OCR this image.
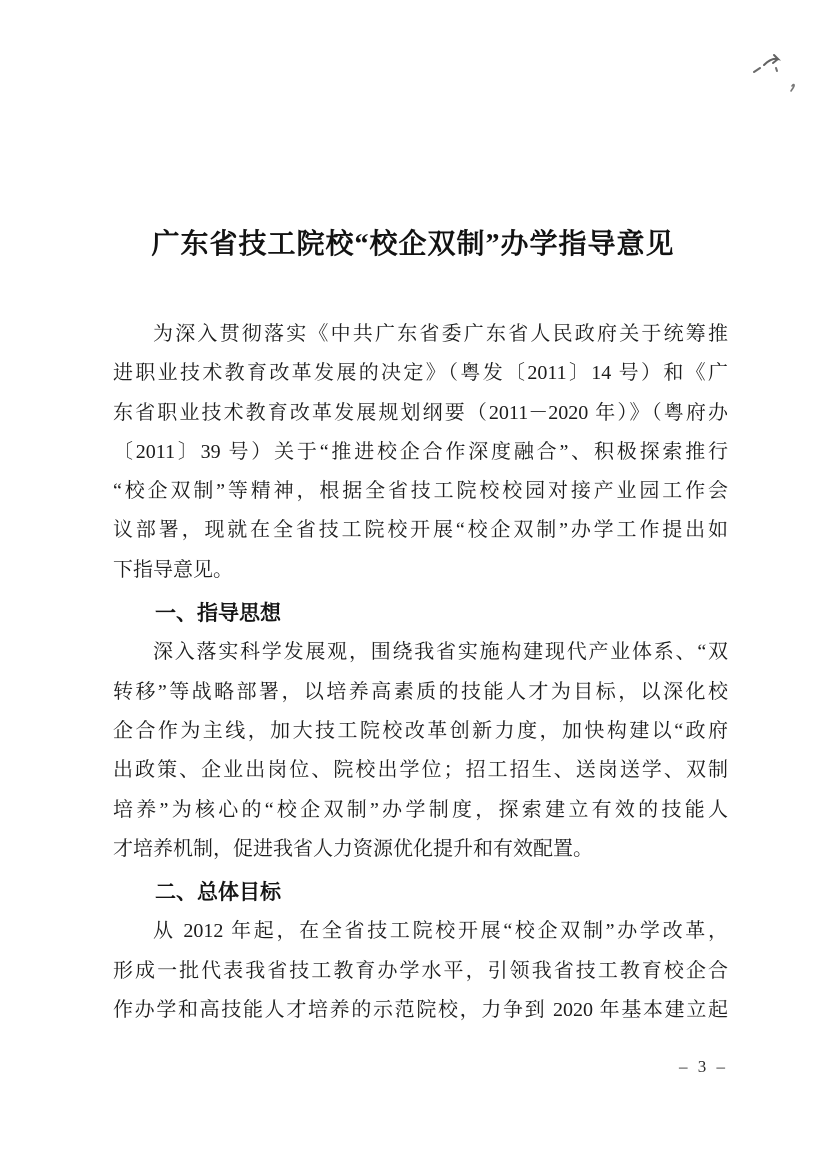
广东省技工院校“校企双制”办学指导意见
为深入贯彻落实《中共广东省委广东省人民政府关于统筹推
进职业技术教育改革发展的决定》（粤发〔2011〕14 号）和《广
东省职业技术教育改革发展规划纲要（2011－2020 年）》（粤府办
〔2011〕39 号）关于“推进校企合作深度融合”、积极探索推行
“校企双制”等精神，根据全省技工院校校园对接产业园工作会
议部署，现就在全省技工院校开展“校企双制”办学工作提出如
下指导意见。
一、指导思想
深入落实科学发展观，围绕我省实施构建现代产业体系、“双
转移”等战略部署，以培养高素质的技能人才为目标，以深化校
企合作为主线，加大技工院校改革创新力度，加快构建以“政府
出政策、企业出岗位、院校出学位；招工招生、送岗送学、双制
培养”为核心的“校企双制”办学制度，探索建立有效的技能人
才培养机制，促进我省人力资源优化提升和有效配置。
二、总体目标
从 2012 年起，在全省技工院校开展“校企双制”办学改革，
形成一批代表我省技工教育办学水平，引领我省技工教育校企合
作办学和高技能人才培养的示范院校，力争到 2020 年基本建立起
– 3 –
